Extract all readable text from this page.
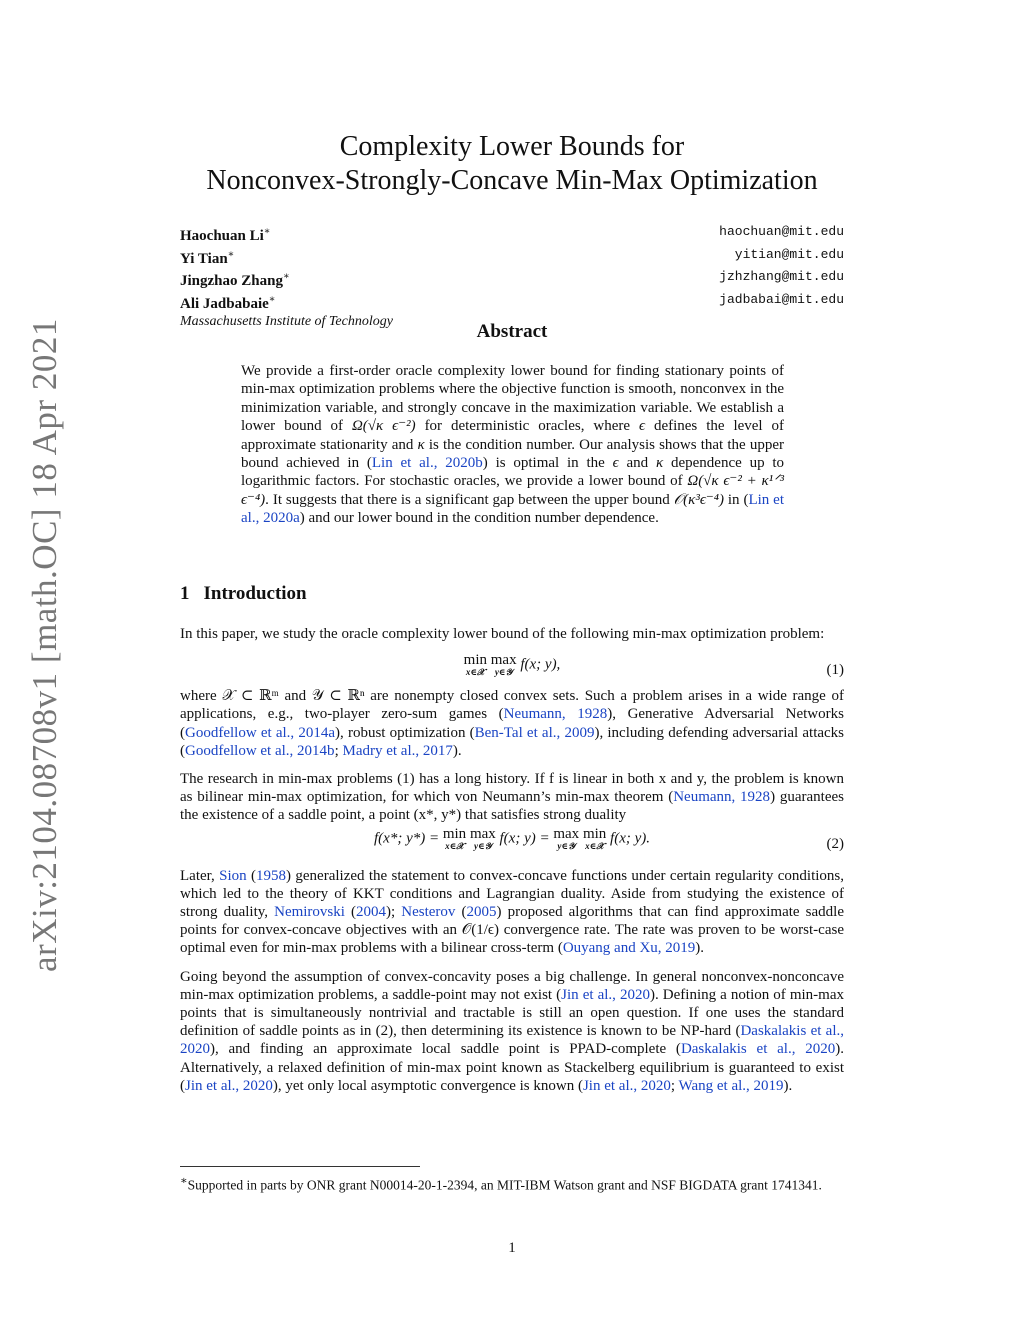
arXiv:2104.08708v1 [math.OC] 18 Apr 2021
Complexity Lower Bounds for
Nonconvex-Strongly-Concave Min-Max Optimization
Haochuan Li∗	haochuan@mit.edu
Yi Tian∗	yitian@mit.edu
Jingzhao Zhang∗	jzhzhang@mit.edu
Ali Jadbabaie∗	jadbabai@mit.edu
Massachusetts Institute of Technology	Abstract
We provide a first-order oracle complexity lower bound for finding stationary points of min-max optimization problems where the objective function is smooth, nonconvex in the minimization variable, and strongly concave in the maximization variable. We establish a lower bound of Ω(√κ ϵ⁻²) for deterministic oracles, where ϵ defines the level of approximate stationarity and κ is the condition number. Our analysis shows that the upper bound achieved in (Lin et al., 2020b) is optimal in the ϵ and κ dependence up to logarithmic factors. For stochastic oracles, we provide a lower bound of Ω(√κ ϵ⁻² + κ¹ᐟ³ ϵ⁻⁴). It suggests that there is a significant gap between the upper bound 𝒪(κ³ϵ⁻⁴) in (Lin et al., 2020a) and our lower bound in the condition number dependence.
1 Introduction

In this paper, we study the oracle complexity lower bound of the following min-max optimization problem:

min
x∈𝒳

max
y∈𝒴 f(x; y),	(1)

where 𝒳 ⊂ ℝᵐ and 𝒴 ⊂ ℝⁿ are nonempty closed convex sets. Such a problem arises in a wide range of applications, e.g., two-player zero-sum games (Neumann, 1928), Generative Adversarial Networks (Goodfellow et al., 2014a), robust optimization (Ben-Tal et al., 2009), including defending adversarial attacks (Goodfellow et al., 2014b; Madry et al., 2017).

The research in min-max problems (1) has a long history. If f is linear in both x and y, the problem is known as bilinear min-max optimization, for which von Neumann’s min-max theorem (Neumann, 1928) guarantees the existence of a saddle point, a point (x*, y*) that satisfies strong duality

f(x*; y*) = min
x∈𝒳

max
y∈𝒴 f(x; y) = max
y∈𝒴

min
x∈𝒳 f(x; y).	(2)

Later, Sion (1958) generalized the statement to convex-concave functions under certain regularity conditions, which led to the theory of KKT conditions and Lagrangian duality. Aside from studying the existence of strong duality, Nemirovski (2004); Nesterov (2005) proposed algorithms that can find approximate saddle points for convex-concave objectives with an 𝒪(1/ϵ) convergence rate. The rate was proven to be worst-case optimal even for min-max problems with a bilinear cross-term (Ouyang and Xu, 2019).

Going beyond the assumption of convex-concavity poses a big challenge. In general nonconvex-nonconcave min-max optimization problems, a saddle-point may not exist (Jin et al., 2020). Defining a notion of min-max points that is simultaneously nontrivial and tractable is still an open question. If one uses the standard definition of saddle points as in (2), then determining its existence is known to be NP-hard (Daskalakis et al., 2020), and finding an approximate local saddle point is PPAD-complete (Daskalakis et al., 2020). Alternatively, a relaxed definition of min-max point known as Stackelberg equilibrium is guaranteed to exist (Jin et al., 2020), yet only local asymptotic convergence is known (Jin et al., 2020; Wang et al., 2019).

∗Supported in parts by ONR grant N00014-20-1-2394, an MIT-IBM Watson grant and NSF BIGDATA grant 1741341.
1
